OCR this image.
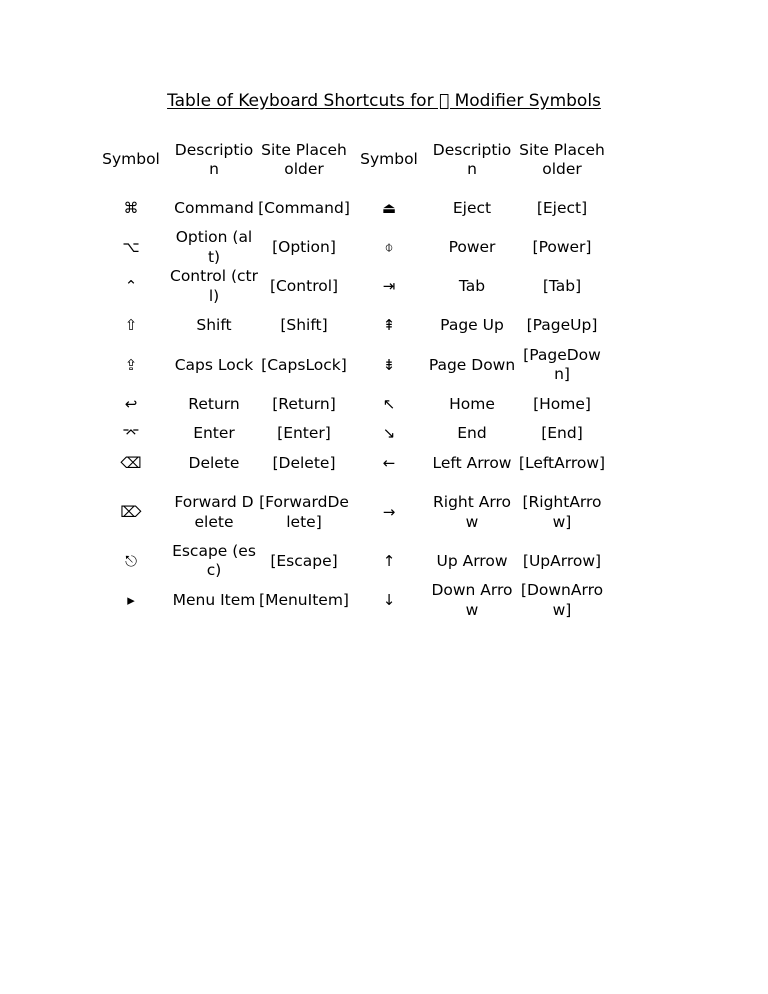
Table of Keyboard Shortcuts for Modifier Symbols
Symbol	Description	Site Placeholder	Symbol	Description	Site Placeholder
⌘	Command	[Command]	⏏	Eject	[Eject]
⌥	Option (alt)	[Option]	⌽	Power	[Power]
⌃	Control (ctrl)	[Control]	⇥	Tab	[Tab]
⇧	Shift	[Shift]	⇞	Page Up	[PageUp]
⇪	Caps Lock	[CapsLock]	⇟	Page Down	[PageDown]
↩	Return	[Return]	↖	Home	[Home]
⌤	Enter	[Enter]	↘	End	[End]
⌫	Delete	[Delete]	←	Left Arrow	[LeftArrow]
⌦	Forward Delete	[ForwardDelete]	→	Right Arrow	[RightArrow]
⎋	Escape (esc)	[Escape]	↑	Up Arrow	[UpArrow]
▸	Menu Item	[MenuItem]	↓	Down Arrow	[DownArrow]
